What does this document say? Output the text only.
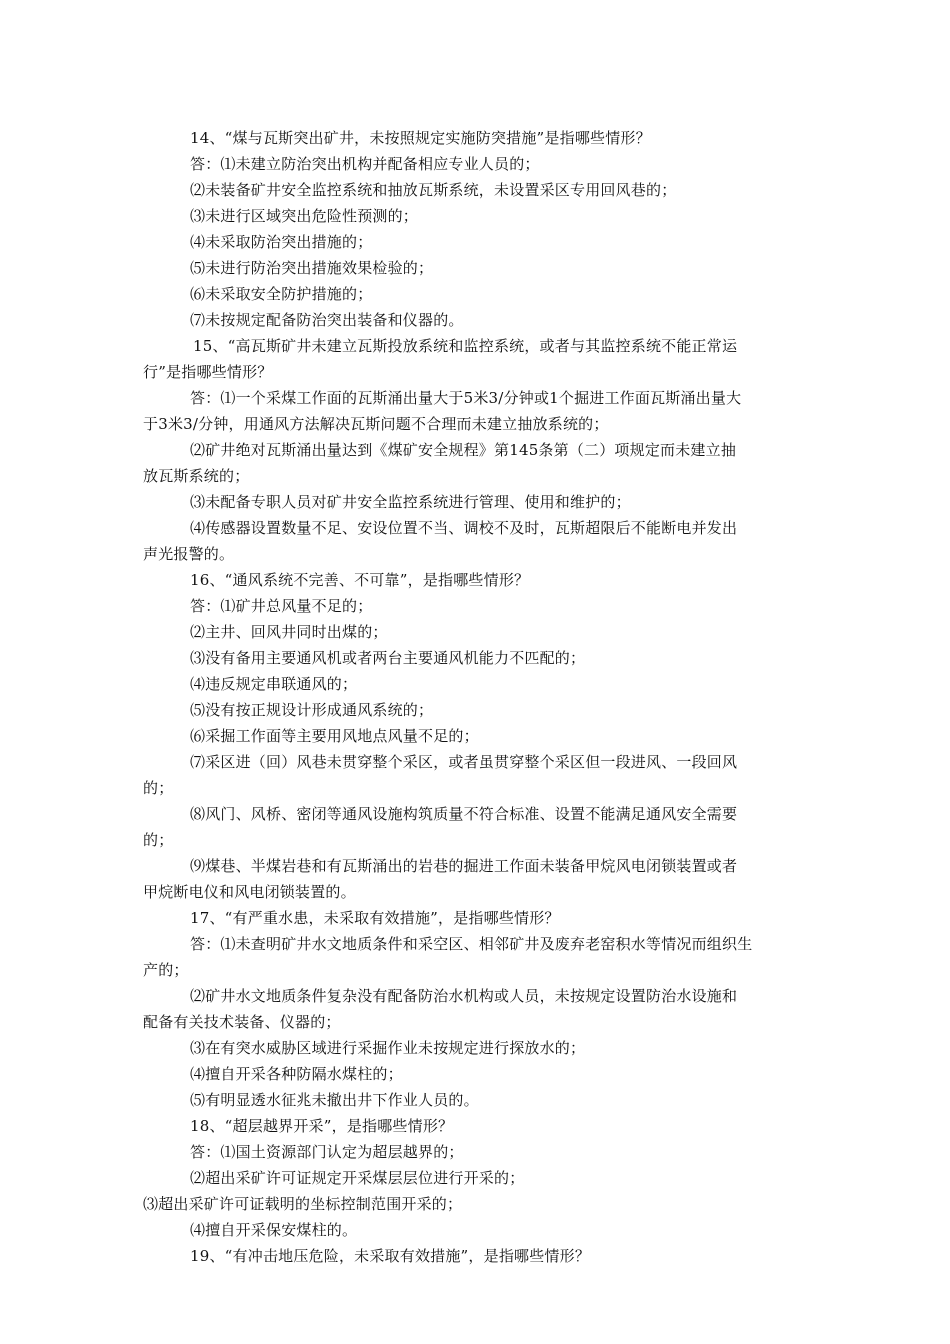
14、“煤与瓦斯突出矿井，未按照规定实施防突措施”是指哪些情形？
答：⑴未建立防治突出机构并配备相应专业人员的；
⑵未装备矿井安全监控系统和抽放瓦斯系统，未设置采区专用回风巷的；
⑶未进行区域突出危险性预测的；
⑷未采取防治突出措施的；
⑸未进行防治突出措施效果检验的；
⑹未采取安全防护措施的；
⑺未按规定配备防治突出装备和仪器的。
15、“高瓦斯矿井未建立瓦斯投放系统和监控系统，或者与其监控系统不能正常运
行”是指哪些情形？
答：⑴一个采煤工作面的瓦斯涌出量大于5米3/分钟或1个掘进工作面瓦斯涌出量大
于3米3/分钟，用通风方法解决瓦斯问题不合理而未建立抽放系统的；
⑵矿井绝对瓦斯涌出量达到《煤矿安全规程》第145条第（二）项规定而未建立抽
放瓦斯系统的；
⑶未配备专职人员对矿井安全监控系统进行管理、使用和维护的；
⑷传感器设置数量不足、安设位置不当、调校不及时，瓦斯超限后不能断电并发出
声光报警的。
16、“通风系统不完善、不可靠”，是指哪些情形？
答：⑴矿井总风量不足的；
⑵主井、回风井同时出煤的；
⑶没有备用主要通风机或者两台主要通风机能力不匹配的；
⑷违反规定串联通风的；
⑸没有按正规设计形成通风系统的；
⑹采掘工作面等主要用风地点风量不足的；
⑺采区进（回）风巷未贯穿整个采区，或者虽贯穿整个采区但一段进风、一段回风
的；
⑻风门、风桥、密闭等通风设施构筑质量不符合标准、设置不能满足通风安全需要
的；
⑼煤巷、半煤岩巷和有瓦斯涌出的岩巷的掘进工作面未装备甲烷风电闭锁装置或者
甲烷断电仪和风电闭锁装置的。
17、“有严重水患，未采取有效措施”，是指哪些情形？
答：⑴未查明矿井水文地质条件和采空区、相邻矿井及废弃老窑积水等情况而组织生
产的；
⑵矿井水文地质条件复杂没有配备防治水机构或人员，未按规定设置防治水设施和
配备有关技术装备、仪器的；
⑶在有突水威胁区域进行采掘作业未按规定进行探放水的；
⑷擅自开采各种防隔水煤柱的；
⑸有明显透水征兆未撤出井下作业人员的。
18、“超层越界开采”，是指哪些情形？
答：⑴国土资源部门认定为超层越界的；
⑵超出采矿许可证规定开采煤层层位进行开采的；
⑶超出采矿许可证载明的坐标控制范围开采的；
⑷擅自开采保安煤柱的。
19、“有冲击地压危险，未采取有效措施”，是指哪些情形？
